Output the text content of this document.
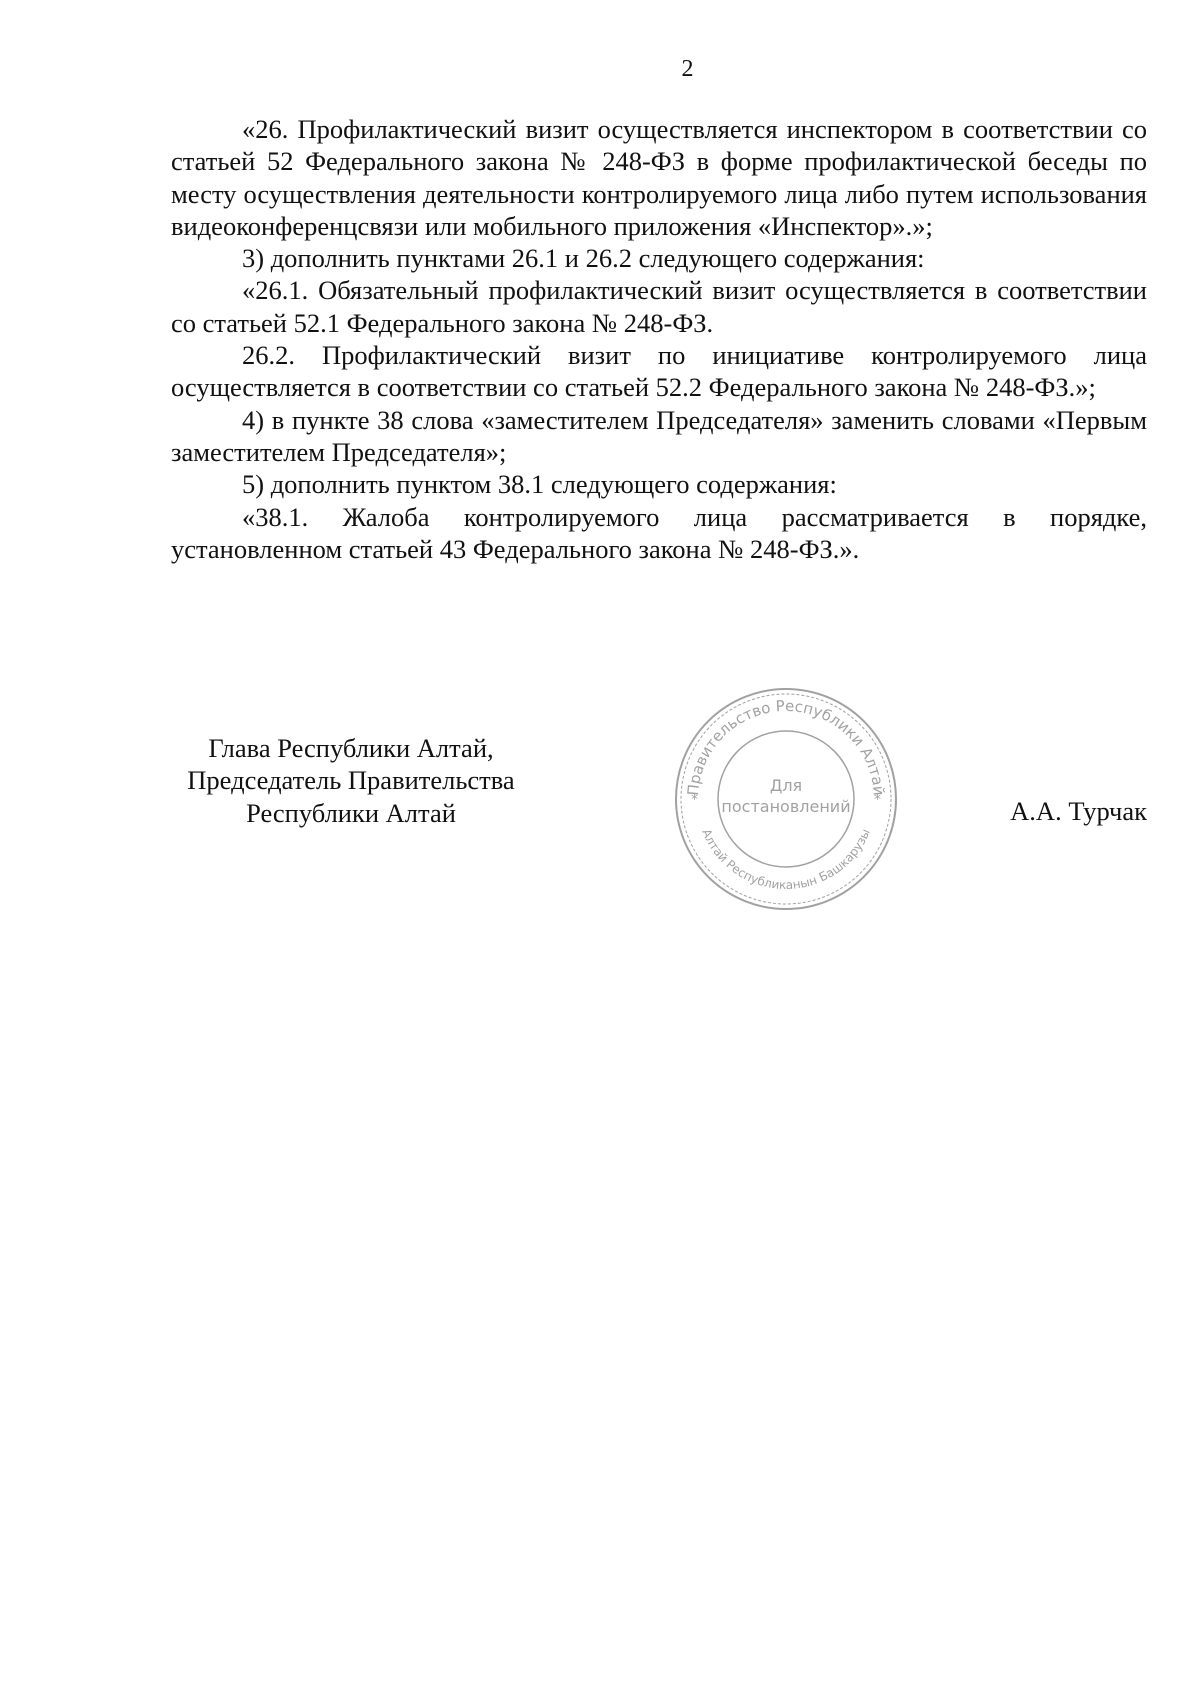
2

«26. Профилактический визит осуществляется инспектором в соответствии со статьей 52 Федерального закона № 248-ФЗ в форме профилактической беседы по месту осуществления деятельности контролируемого лица либо путем использования видеоконференцсвязи или мобильного приложения «Инспектор».»;

3) дополнить пунктами 26.1 и 26.2 следующего содержания:

«26.1. Обязательный профилактический визит осуществляется в соответствии со статьей 52.1 Федерального закона № 248-ФЗ.

26.2. Профилактический визит по инициативе контролируемого лица осуществляется в соответствии со статьей 52.2 Федерального закона № 248-ФЗ.»;

4) в пункте 38 слова «заместителем Председателя» заменить словами «Первым заместителем Председателя»;

5) дополнить пунктом 38.1 следующего содержания:

«38.1. Жалоба контролируемого лица рассматривается в порядке, установленном статьей 43 Федерального закона № 248-ФЗ.».

Глава Республики Алтай,
Председатель Правительства
Республики Алтай
Правительство Республики Алтай
Алтай Республиканын Башкарузы
*	*
Для
постановлений	А.А. Турчак
